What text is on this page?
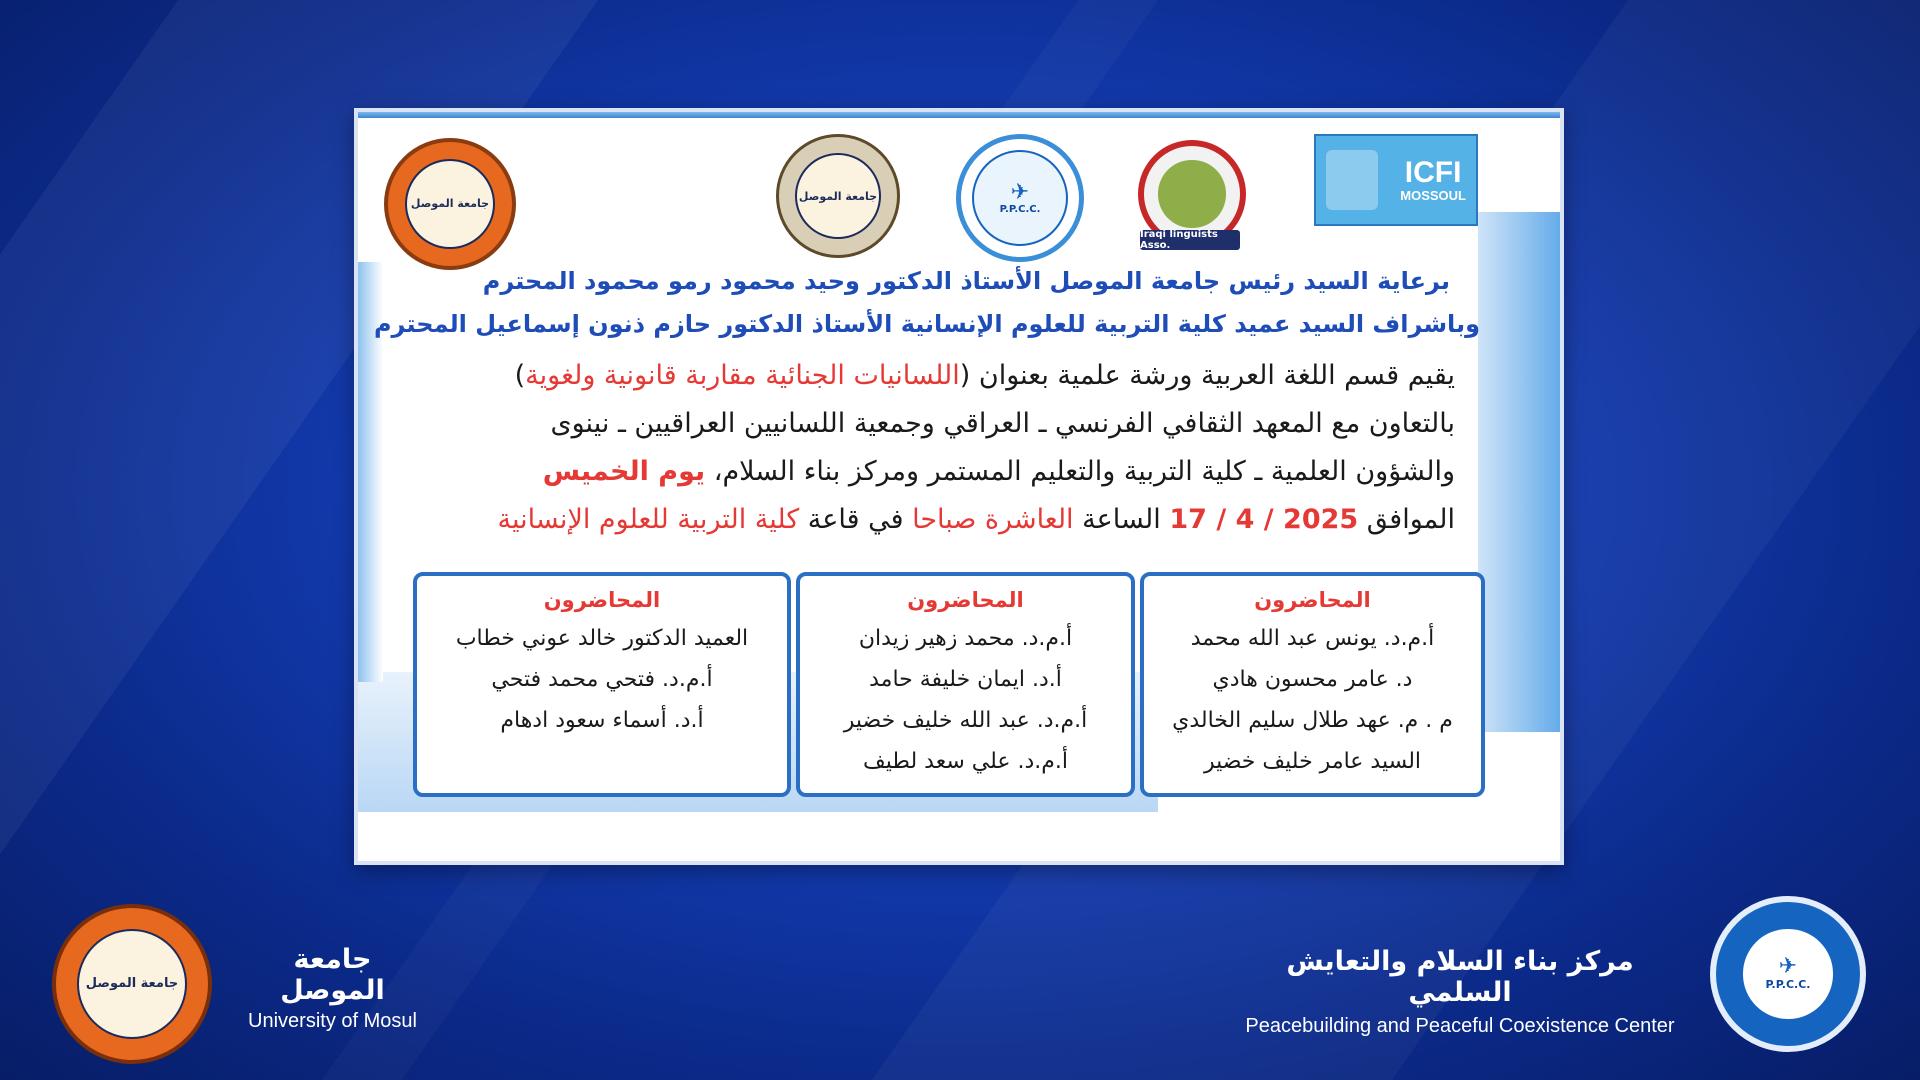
جامعة الموصل
جامعة الموصل	✈
P.P.C.C.
Iraqi linguists Asso.
ICFI
MOSSOUL
برعاية السيد رئيس جامعة الموصل الأستاذ الدكتور وحيد محمود رمو محمود المحترم
وباشراف السيد عميد كلية التربية للعلوم الإنسانية الأستاذ الدكتور حازم ذنون إسماعيل المحترم
يقيم قسم اللغة العربية ورشة علمية بعنوان (اللسانيات الجنائية مقاربة قانونية ولغوية)
بالتعاون مع المعهد الثقافي الفرنسي ـ العراقي وجمعية اللسانيين العراقيين ـ نينوى
والشؤون العلمية ـ كلية التربية والتعليم المستمر ومركز بناء السلام، يوم الخميس
الموافق 17 / 4 / 2025 الساعة العاشرة صباحا في قاعة كلية التربية للعلوم الإنسانية
المحاضرون
أ.م.د. يونس عبد الله محمد
د. عامر محسون هادي
م . م. عهد طلال سليم الخالدي
السيد عامر خليف خضير
المحاضرون
أ.م.د. محمد زهير زيدان
أ.د. ايمان خليفة حامد
أ.م.د. عبد الله خليف خضير
أ.م.د. علي سعد لطيف
المحاضرون
العميد الدكتور خالد عوني خطاب
أ.م.د. فتحي محمد فتحي
أ.د. أسماء سعود ادهام
جامعة الموصل
جامعة الموصل
University of Mosul
مركز بناء السلام والتعايش السلمي
Peacebuilding and Peaceful Coexistence Center
✈
P.P.C.C.
